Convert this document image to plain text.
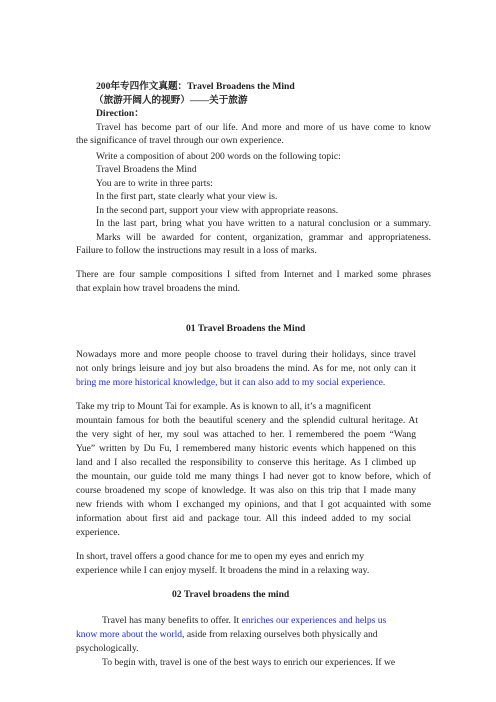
200年专四作文真题：Travel Broadens the Mind
（旅游开阔人的视野）——关于旅游
Direction：
Travel has become part of our life. And more and more of us have come to know
the significance of travel through our own experience.
Write a composition of about 200 words on the following topic:
Travel Broadens the Mind
You are to write in three parts:
In the first part, state clearly what your view is.
In the second part, support your view with appropriate reasons.
In the last part, bring what you have written to a natural conclusion or a summary.
Marks will be awarded for content, organization, grammar and appropriateness.
Failure to follow the instructions may result in a loss of marks.
There are four sample compositions I sifted from Internet and I marked some phrases
that explain how travel broadens the mind.
01 Travel Broadens the Mind
Nowadays more and more people choose to travel during their holidays, since travel
not only brings leisure and joy but also broadens the mind. As for me, not only can it
bring me more historical knowledge, but it can also add to my social experience.
Take my trip to Mount Tai for example. As is known to all, it’s a magnificent
mountain famous for both the beautiful scenery and the splendid cultural heritage. At
the very sight of her, my soul was attached to her. I remembered the poem “Wang
Yue” written by Du Fu, I remembered many historic events which happened on this
land and I also recalled the responsibility to conserve this heritage. As I climbed up
the mountain, our guide told me many things I had never got to know before, which of
course broadened my scope of knowledge. It was also on this trip that I made many
new friends with whom I exchanged my opinions, and that I got acquainted with some
information about first aid and package tour. All this indeed added to my social
experience.
In short, travel offers a good chance for me to open my eyes and enrich my
experience while I can enjoy myself. It broadens the mind in a relaxing way.
02 Travel broadens the mind
Travel has many benefits to offer. It enriches our experiences and helps us
know more about the world, aside from relaxing ourselves both physically and
psychologically.
To begin with, travel is one of the best ways to enrich our experiences. If we
